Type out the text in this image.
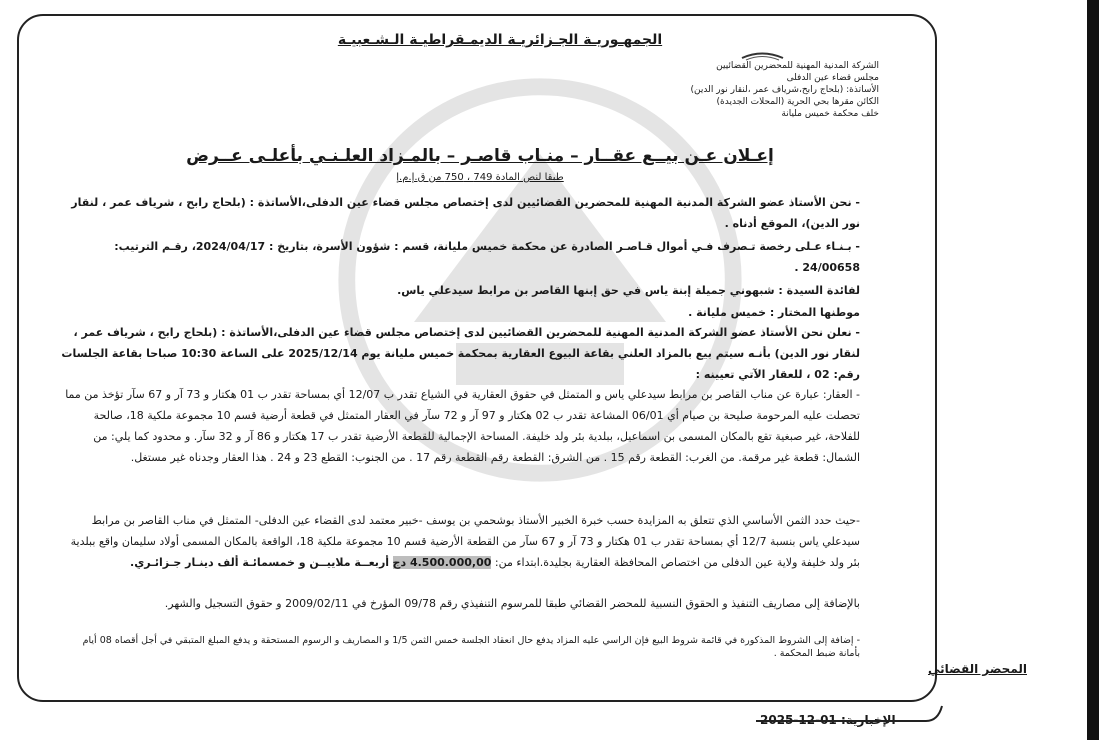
الجمهـوريـة الجـزائريـة الديمـقراطيـة الـشـعبيـة
الشركة المدنية المهنية للمحضرين القضائيين
مجلس قضاء عين الدفلى
الأساتذة: (بلحاج رابح،شرياف عمر ،لنقار نور الدين)
الكائن مقرها بحي الحرية (المحلات الجديدة)
خلف محكمة خميس مليانة
إعـلان عـن بيــع عقــار – منـاب قاصـر – بالمـزاد العلـنـي بأعلـى عــرض
طبقا لنص المادة 749 ، 750 من ق.إ.م.إ
- نحن الأستاذ عضو الشركة المدنية المهنية للمحضرين القضائيين لدى إختصاص مجلس قضاء عين الدفلى،الأساتذة : (بلحاج رابح ، شرياف عمر ، لنقار نور الدين)، الموقع أدناه .
- بـنـاء عـلى رخصة تـصرف فـي أموال قـاصـر الصادرة عن محكمة خميس مليانة، قسم : شؤون الأسرة، بتاريخ : 2024/04/17، رقـم الترتيب: 24/00658 .
لفائدة السيدة : شبهوني جميلة إبنة ياس في حق إبنها القاصر بن مرابط سيدعلي ياس.
موطنها المختار : خميس مليانة .
- نعلن نحن الأستاذ عضو الشركة المدنية المهنية للمحضرين القضائيين لدى إختصاص مجلس قضاء عين الدفلى،الأساتذة : (بلحاج رابح ، شرياف عمر ، لنقار نور الدين) بأنـه سيتم بيع بالمزاد العلني بقاعة البيوع العقارية بمحكمة خميس مليانة يوم 2025/12/14 على الساعة 10:30 صباحا بقاعة الجلسات رقم: 02 ، للعقار الآتي تعيينه :
- العقار: عبارة عن مناب القاصر بن مرابط سيدعلي ياس و المتمثل في حقوق العقارية في الشياع تقدر ب 12/07 أي بمساحة تقدر ب 01 هكتار و 73 آر و 67 سآر تؤخذ من مما تحصلت عليه المرحومة صليحة بن صيام أي 06/01 المشاعة تقدر ب 02 هكتار و 97 آر و 72 سآر في العقار المتمثل في قطعة أرضية قسم 10 مجموعة ملكية 18، صالحة للفلاحة، غير صبغية تقع بالمكان المسمى بن اسماعيل، ببلدية بئر ولد خليفة. المساحة الإجمالية للقطعة الأرضية تقدر ب 17 هكتار و 86 آر و 32 سآر. و محدود كما يلي: من الشمال: قطعة غير مرقمة. من الغرب: القطعة رقم 15 . من الشرق: القطعة رقم القطعة رقم 17 . من الجنوب: القطع 23 و 24 . هذا العقار وجدناه غير مستغل.
-حيث حدد الثمن الأساسي الذي تتعلق به المزايدة حسب خبرة الخبير الأستاذ بوشحمي بن يوسف -خبير معتمد لدى القضاء عين الدفلى- المتمثل في مناب القاصر بن مرابط سيدعلي ياس بنسبة 12/7 أي بمساحة تقدر ب 01 هكتار و 73 آر و 67 سآر من القطعة الأرضية قسم 10 مجموعة ملكية 18، الواقعة بالمكان المسمى أولاد سليمان واقع ببلدية بئر ولد خليفة ولاية عين الدفلى من اختصاص المحافظة العقارية بجليدة.ابتداء من: 4.500.000,00 دج أربعــة ملاييــن و خمسمائـة ألف دينـار جـزائـري.
بالإضافة إلى مصاريف التنفيذ و الحقوق النسبية للمحضر القضائي طبقا للمرسوم التنفيذي رقم 09/78 المؤرخ في 2009/02/11 و حقوق التسجيل والشهر.
- إضافة إلى الشروط المذكورة في قائمة شروط البيع فإن الراسي عليه المزاد يدفع حال انعقاد الجلسة خمس الثمن 1/5 و المصاريف و الرسوم المستحقة و يدفع المبلغ المتبقي في أجل أقصاه 08 أيام بأمانة ضبط المحكمة .
المحضر القضائي
الإخبارية: 01-12-2025
